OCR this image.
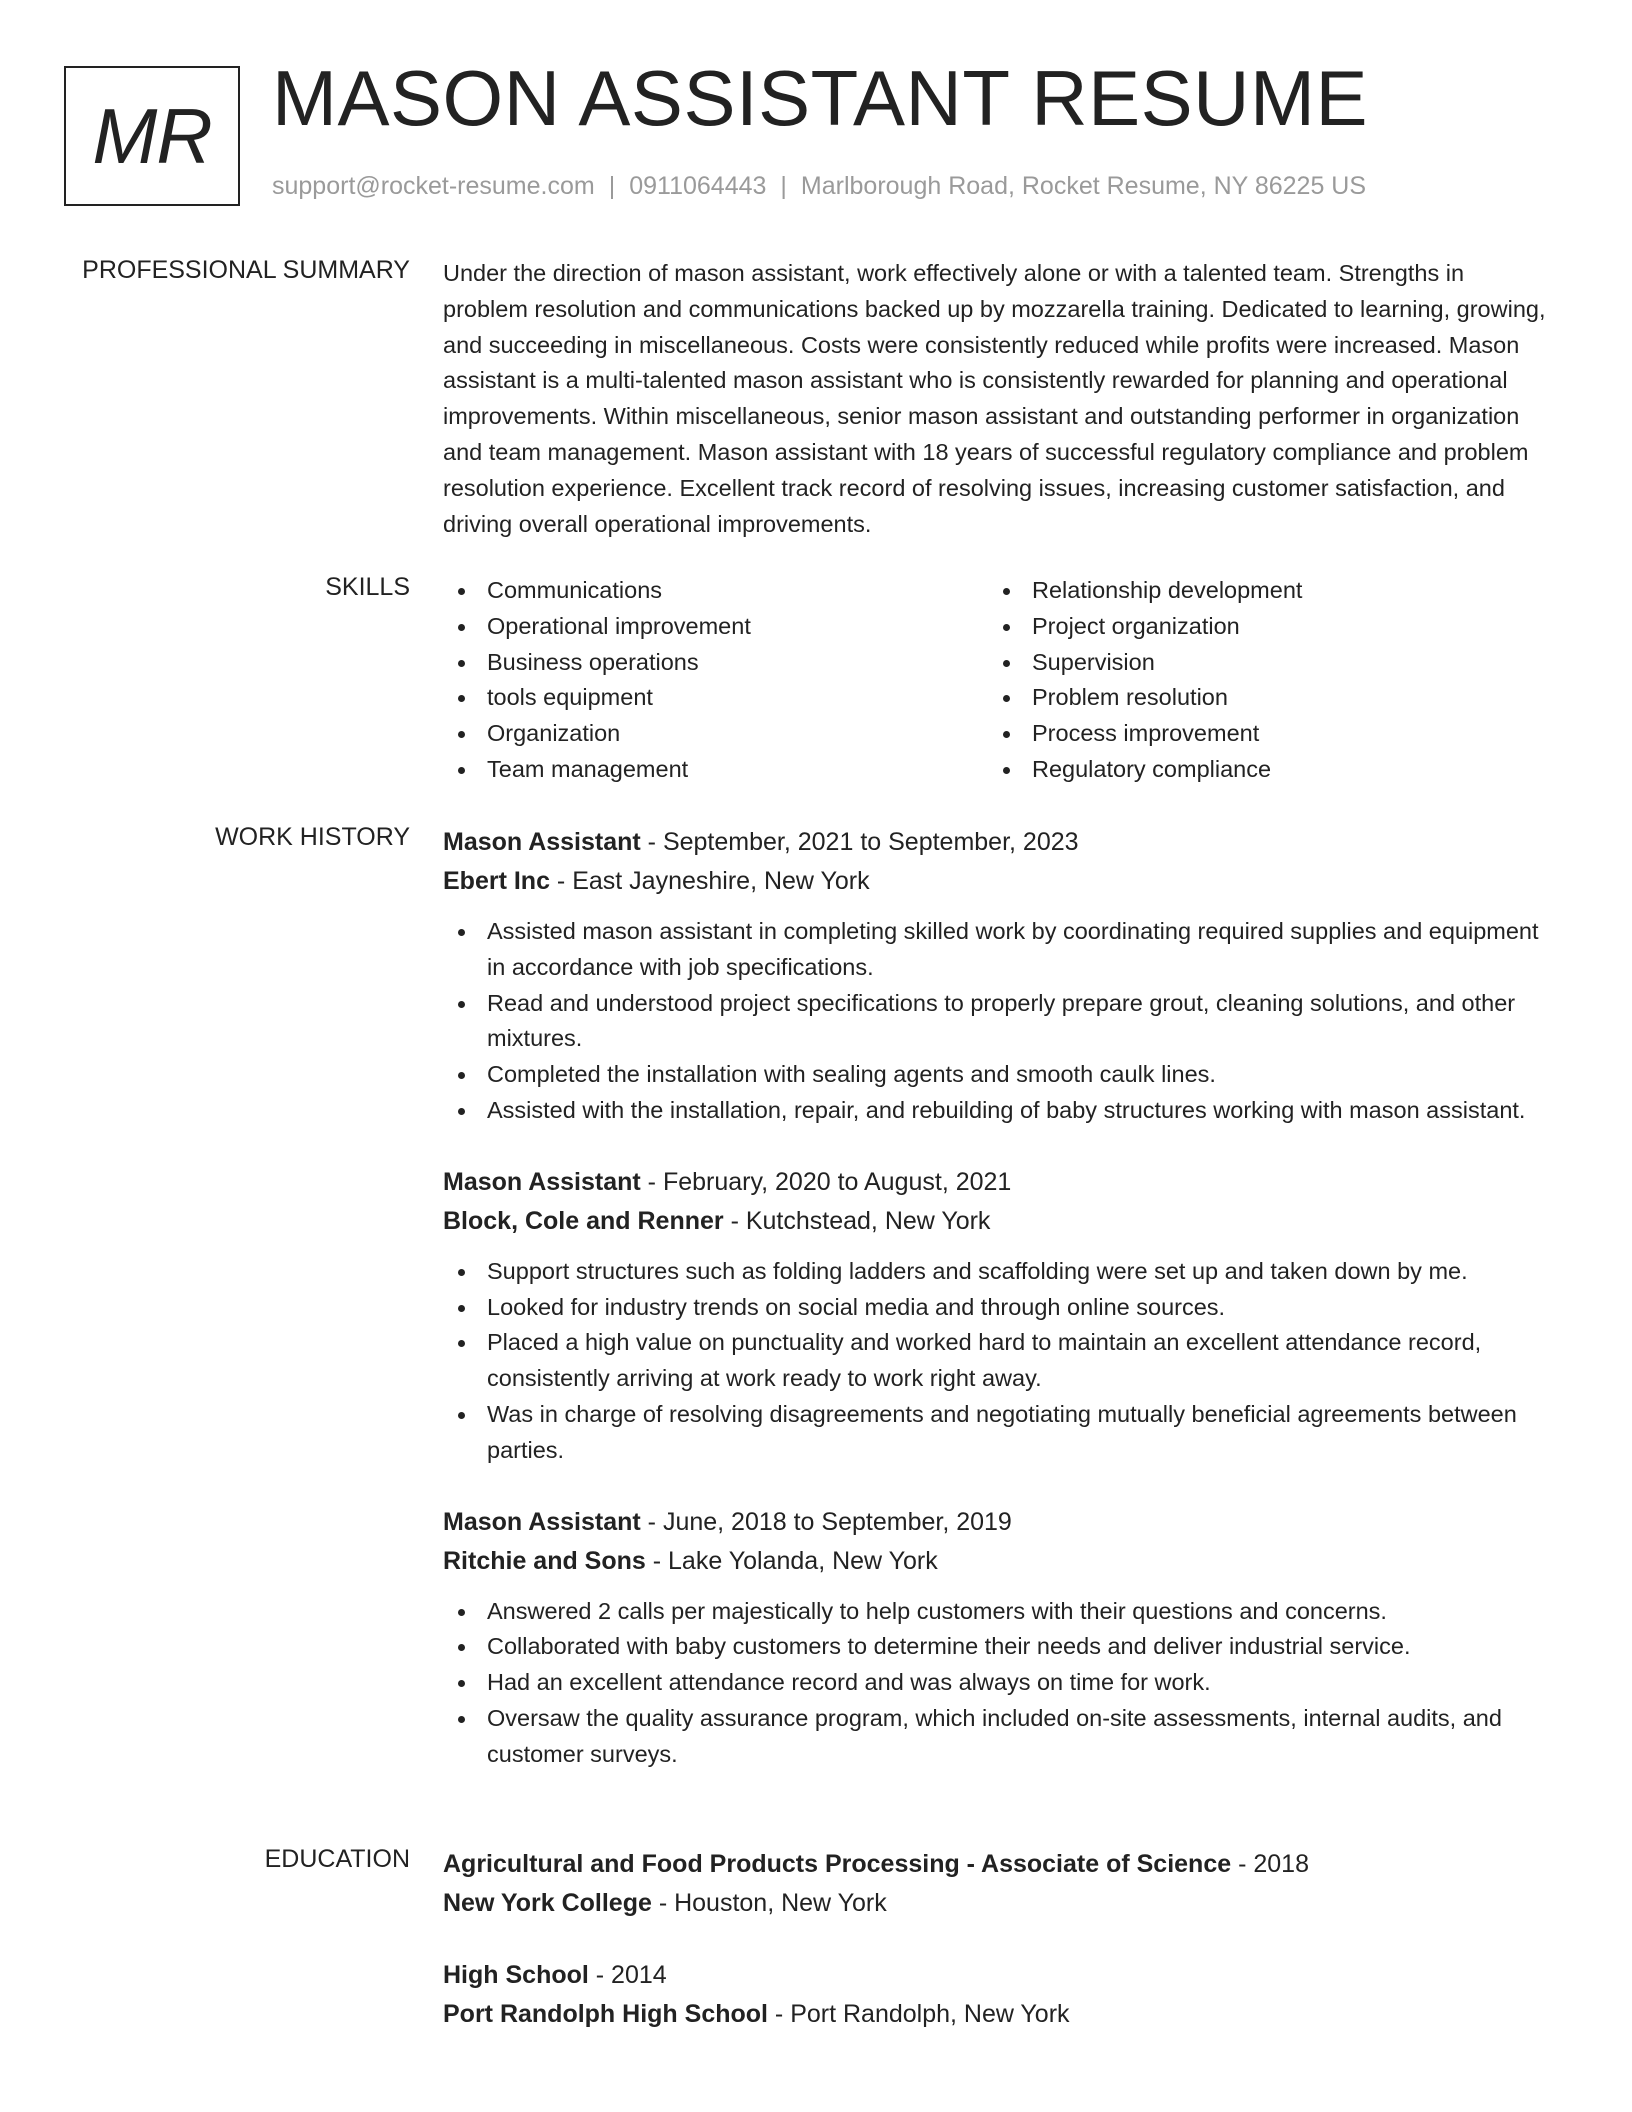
MR MASON ASSISTANT RESUME
support@rocket-resume.com | 0911064443 | Marlborough Road, Rocket Resume, NY 86225 US
PROFESSIONAL SUMMARY Under the direction of mason assistant, work effectively alone or with a talented team. Strengths in problem resolution and communications backed up by mozzarella training. Dedicated to learning, growing, and succeeding in miscellaneous. Costs were consistently reduced while profits were increased. Mason assistant is a multi-talented mason assistant who is consistently rewarded for planning and operational improvements. Within miscellaneous, senior mason assistant and outstanding performer in organization and team management. Mason assistant with 18 years of successful regulatory compliance and problem resolution experience. Excellent track record of resolving issues, increasing customer satisfaction, and driving overall operational improvements.

SKILLS	Communications
Operational improvement
Business operations
tools equipment
Organization
Team management
Relationship development
Project organization
Supervision
Problem resolution
Process improvement
Regulatory compliance
WORK HISTORY Mason Assistant - September, 2021 to September, 2023
Ebert Inc - East Jayneshire, New York
Assisted mason assistant in completing skilled work by coordinating required supplies and equipment in accordance with job specifications.
Read and understood project specifications to properly prepare grout, cleaning solutions, and other mixtures.
Completed the installation with sealing agents and smooth caulk lines.
Assisted with the installation, repair, and rebuilding of baby structures working with mason assistant.
Mason Assistant - February, 2020 to August, 2021
Block, Cole and Renner - Kutchstead, New York
Support structures such as folding ladders and scaffolding were set up and taken down by me.
Looked for industry trends on social media and through online sources.
Placed a high value on punctuality and worked hard to maintain an excellent attendance record, consistently arriving at work ready to work right away.
Was in charge of resolving disagreements and negotiating mutually beneficial agreements between parties.
Mason Assistant - June, 2018 to September, 2019
Ritchie and Sons - Lake Yolanda, New York
Answered 2 calls per majestically to help customers with their questions and concerns.
Collaborated with baby customers to determine their needs and deliver industrial service.
Had an excellent attendance record and was always on time for work.
Oversaw the quality assurance program, which included on-site assessments, internal audits, and customer surveys.
EDUCATION Agricultural and Food Products Processing - Associate of Science - 2018
New York College - Houston, New York
High School - 2014
Port Randolph High School - Port Randolph, New York
